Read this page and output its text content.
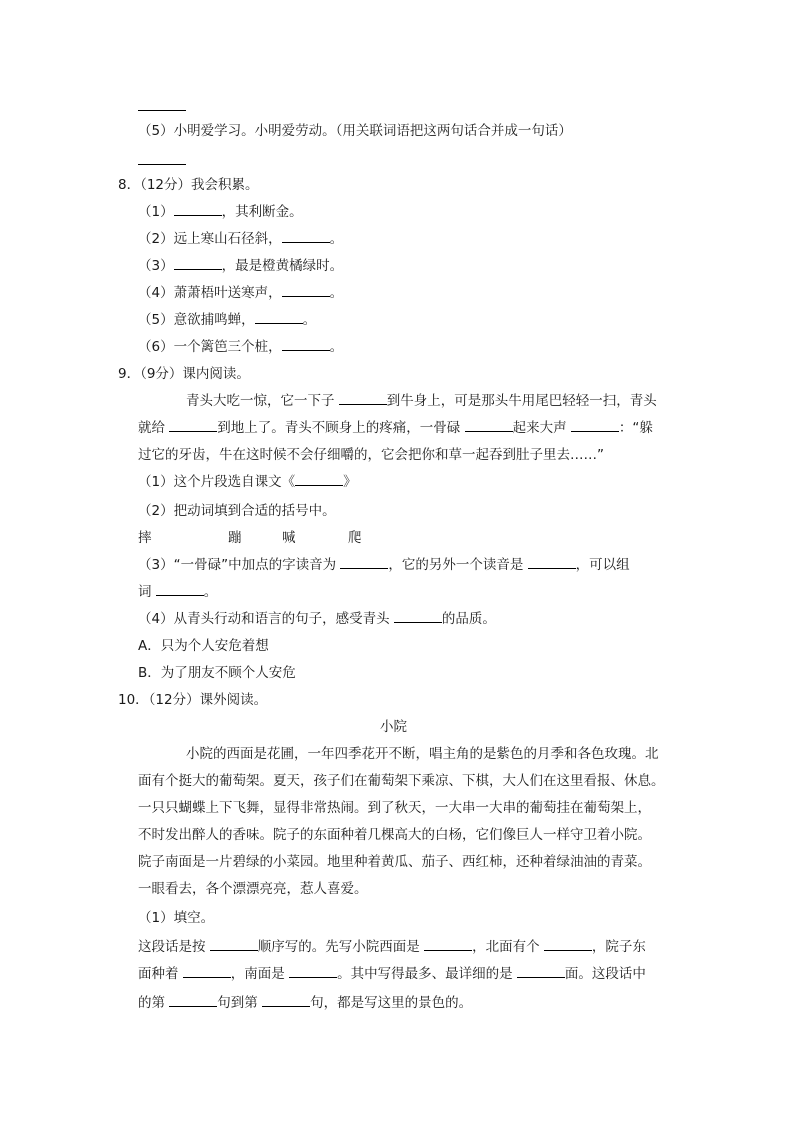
（5）小明爱学习。小明爱劳动。（用关联词语把这两句话合并成一句话）
8．（12分）我会积累。
（1）	，其利断金。
（2）远上寒山石径斜，	。
（3）	，最是橙黄橘绿时。
（4）萧萧梧叶送寒声，	。
（5）意欲捕鸣蝉，	。
（6）一个篱笆三个桩，	。
9．（9分）课内阅读。
青头大吃一惊，它一下子	到牛身上，可是那头牛用尾巴轻轻一扫，青头
就给	到地上了。青头不顾身上的疼痛，一骨碌	起来大声	：“躲
过它的牙齿，牛在这时候不会仔细嚼的，它会把你和草一起吞到肚子里去……”
（1）这个片段选自课文《	》
（2）把动词填到合适的括号中。
摔	蹦	喊	爬
（3）“一骨碌”中加点的字读音为	，它的另外一个读音是	，可以组
词	。
（4）从青头行动和语言的句子，感受青头	的品质。
A．只为个人安危着想
B．为了朋友不顾个人安危
10．（12分）课外阅读。
小院
小院的西面是花圃，一年四季花开不断，唱主角的是紫色的月季和各色玫瑰。北
面有个挺大的葡萄架。夏天，孩子们在葡萄架下乘凉、下棋，大人们在这里看报、休息。
一只只蝴蝶上下飞舞，显得非常热闹。到了秋天，一大串一大串的葡萄挂在葡萄架上，
不时发出醉人的香味。院子的东面种着几棵高大的白杨，它们像巨人一样守卫着小院。
院子南面是一片碧绿的小菜园。地里种着黄瓜、茄子、西红柿，还种着绿油油的青菜。
一眼看去，各个漂漂亮亮，惹人喜爱。
（1）填空。
这段话是按	顺序写的。先写小院西面是	，北面有个	，院子东
面种着	，南面是	。其中写得最多、最详细的是	面。这段话中
的第	句到第	句，都是写这里的景色的。
